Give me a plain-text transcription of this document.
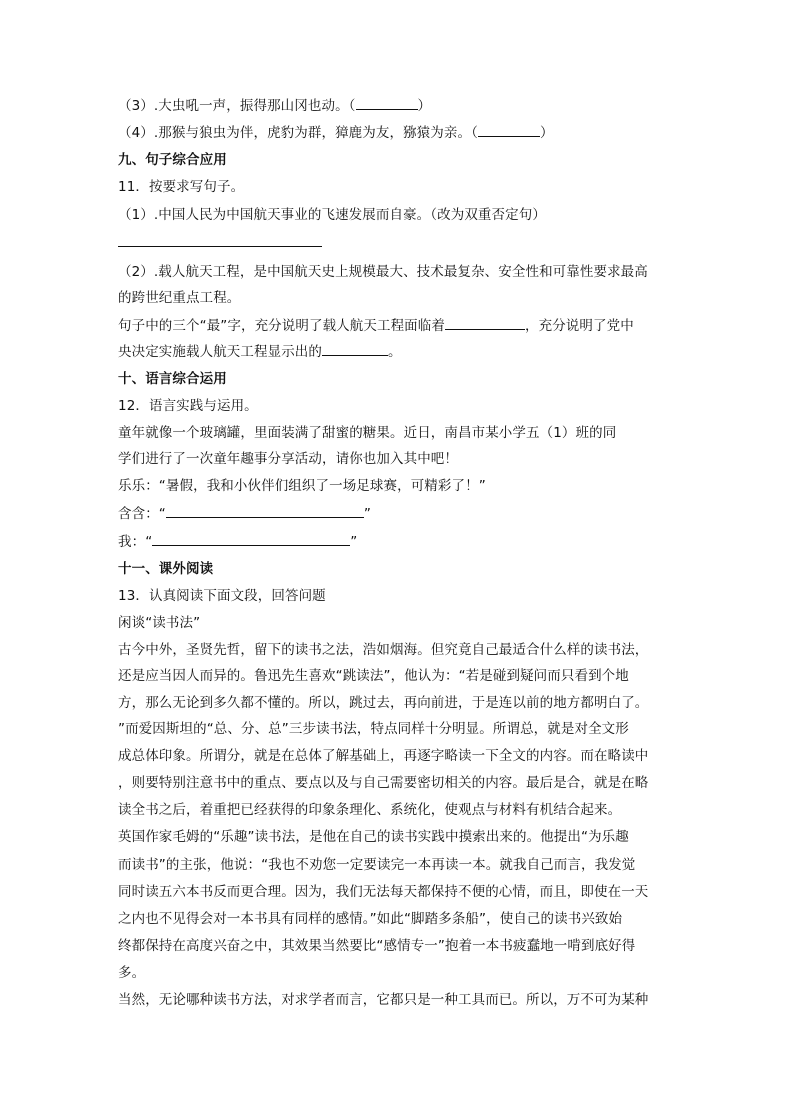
（3）.大虫吼一声，振得那山冈也动。（	）
（4）.那猴与狼虫为伴，虎豹为群，獐鹿为友，猕猿为亲。（	）
九、句子综合应用
11．按要求写句子。
（1）.中国人民为中国航天事业的飞速发展而自豪。（改为双重否定句）
（2）.载人航天工程，是中国航天史上规模最大、技术最复杂、安全性和可靠性要求最高
的跨世纪重点工程。
句子中的三个“最”字，充分说明了载人航天工程面临着	，充分说明了党中
央决定实施载人航天工程显示出的	。
十、语言综合运用
12．语言实践与运用。
童年就像一个玻璃罐，里面装满了甜蜜的糖果。近日，南昌市某小学五（1）班的同
学们进行了一次童年趣事分享活动，请你也加入其中吧！
乐乐：“暑假，我和小伙伴们组织了一场足球赛，可精彩了！”
含含：“	”
我：“	”
十一、课外阅读
13．认真阅读下面文段，回答问题
闲谈“读书法”
古今中外，圣贤先哲，留下的读书之法，浩如烟海。但究竟自己最适合什么样的读书法，
还是应当因人而异的。鲁迅先生喜欢“跳读法”，他认为：“若是碰到疑问而只看到个地
方，那么无论到多久都不懂的。所以，跳过去，再向前进，于是连以前的地方都明白了。
”而爱因斯坦的“总、分、总”三步读书法，特点同样十分明显。所谓总，就是对全文形
成总体印象。所谓分，就是在总体了解基础上，再逐字略读一下全文的内容。而在略读中
，则要特别注意书中的重点、要点以及与自己需要密切相关的内容。最后是合，就是在略
读全书之后，着重把已经获得的印象条理化、系统化，使观点与材料有机结合起来。
英国作家毛姆的“乐趣”读书法，是他在自己的读书实践中摸索出来的。他提出“为乐趣
而读书”的主张，他说：“我也不劝您一定要读完一本再读一本。就我自己而言，我发觉
同时读五六本书反而更合理。因为，我们无法每天都保持不便的心情，而且，即使在一天
之内也不见得会对一本书具有同样的感情。”如此“脚踏多条船”，使自己的读书兴致始
终都保持在高度兴奋之中，其效果当然要比“感情专一”抱着一本书疲蠢地一啃到底好得
多。
当然，无论哪种读书方法，对求学者而言，它都只是一种工具而已。所以，万不可为某种
